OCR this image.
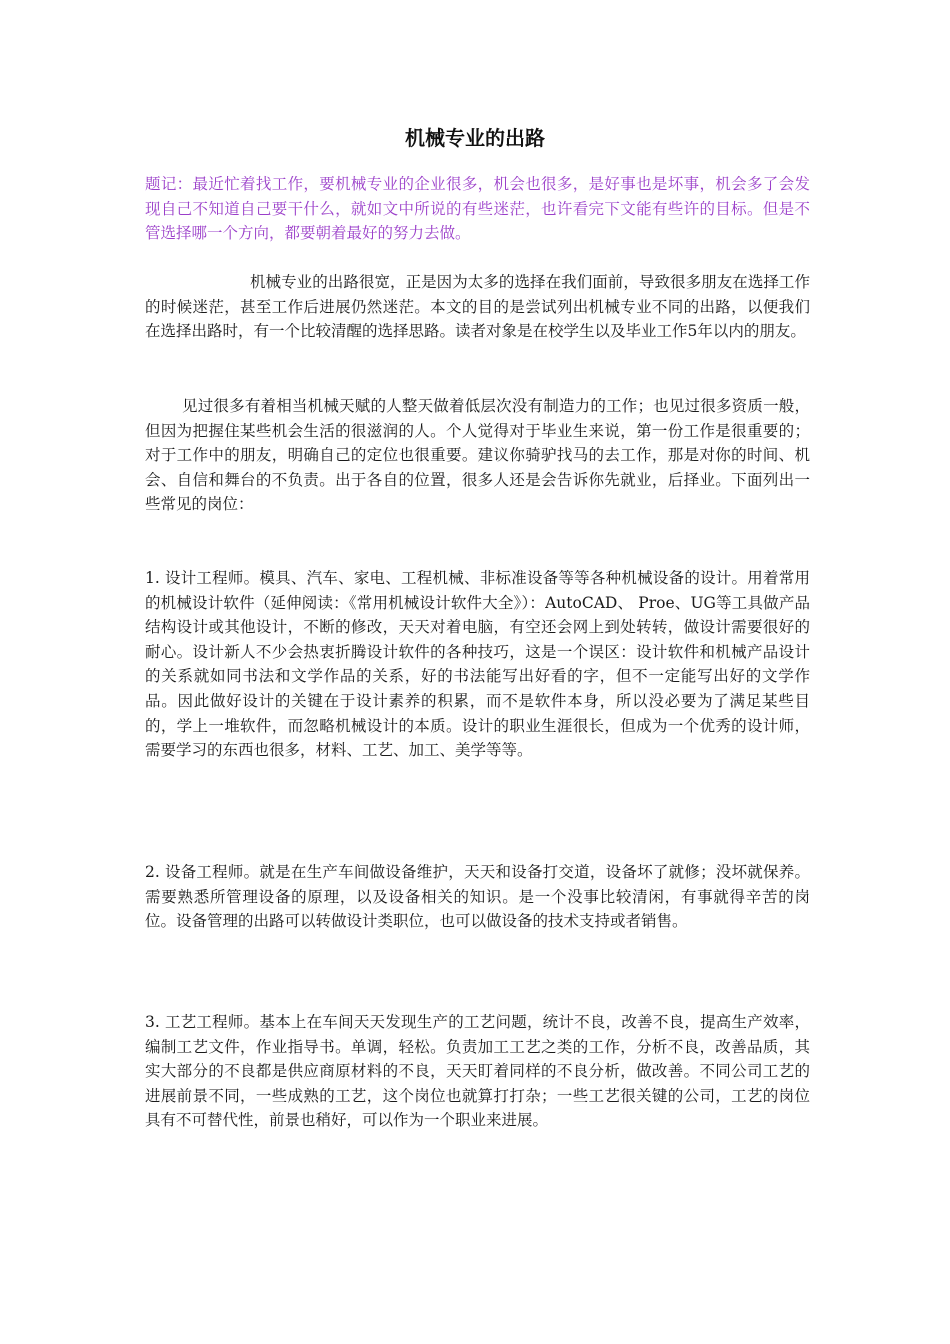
机械专业的出路
题记：最近忙着找工作，要机械专业的企业很多，机会也很多，是好事也是坏事，机会多了会发现自己不知道自己要干什么，就如文中所说的有些迷茫，也许看完下文能有些许的目标。但是不管选择哪一个方向，都要朝着最好的努力去做。
机械专业的出路很宽，正是因为太多的选择在我们面前，导致很多朋友在选择工作的时候迷茫，甚至工作后进展仍然迷茫。本文的目的是尝试列出机械专业不同的出路，以便我们在选择出路时，有一个比较清醒的选择思路。读者对象是在校学生以及毕业工作5年以内的朋友。
见过很多有着相当机械天赋的人整天做着低层次没有制造力的工作；也见过很多资质一般，但因为把握住某些机会生活的很滋润的人。个人觉得对于毕业生来说，第一份工作是很重要的；对于工作中的朋友，明确自己的定位也很重要。建议你骑驴找马的去工作，那是对你的时间、机会、自信和舞台的不负责。出于各自的位置，很多人还是会告诉你先就业，后择业。下面列出一些常见的岗位：
1. 设计工程师。模具、汽车、家电、工程机械、非标准设备等等各种机械设备的设计。用着常用的机械设计软件（延伸阅读：《常用机械设计软件大全》）：AutoCAD、 Proe、UG等工具做产品结构设计或其他设计，不断的修改，天天对着电脑，有空还会网上到处转转，做设计需要很好的耐心。设计新人不少会热衷折腾设计软件的各种技巧，这是一个误区：设计软件和机械产品设计的关系就如同书法和文学作品的关系，好的书法能写出好看的字，但不一定能写出好的文学作品。因此做好设计的关键在于设计素养的积累，而不是软件本身，所以没必要为了满足某些目的，学上一堆软件，而忽略机械设计的本质。设计的职业生涯很长，但成为一个优秀的设计师，需要学习的东西也很多，材料、工艺、加工、美学等等。
2. 设备工程师。就是在生产车间做设备维护，天天和设备打交道，设备坏了就修；没坏就保养。需要熟悉所管理设备的原理，以及设备相关的知识。是一个没事比较清闲，有事就得辛苦的岗位。设备管理的出路可以转做设计类职位，也可以做设备的技术支持或者销售。
3. 工艺工程师。基本上在车间天天发现生产的工艺问题，统计不良，改善不良，提高生产效率，编制工艺文件，作业指导书。单调，轻松。负责加工工艺之类的工作，分析不良，改善品质，其实大部分的不良都是供应商原材料的不良，天天盯着同样的不良分析，做改善。不同公司工艺的进展前景不同，一些成熟的工艺，这个岗位也就算打打杂；一些工艺很关键的公司，工艺的岗位具有不可替代性，前景也稍好，可以作为一个职业来进展。
